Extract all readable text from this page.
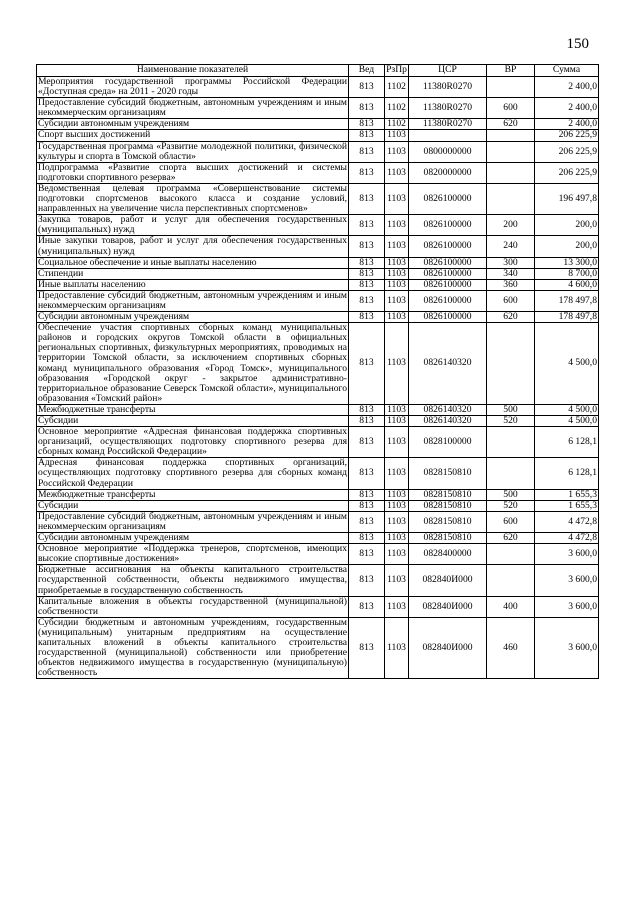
150
Наименование показателей	Вед	РзПр	ЦСР	ВР	Сумма
Мероприятия государственной программы Российской Федерации «Доступная среда» на 2011 - 2020 годы	813	1102	11380R0270		2 400,0
Предоставление субсидий бюджетным, автономным учреждениям и иным некоммерческим организациям	813	1102	11380R0270	600	2 400,0
Субсидии автономным учреждениям	813	1102	11380R0270	620	2 400,0
Спорт высших достижений	813	1103			206 225,9
Государственная программа «Развитие молодежной политики, физической культуры и спорта в Томской области»	813	1103	0800000000		206 225,9
Подпрограмма «Развитие спорта высших достижений и системы подготовки спортивного резерва»	813	1103	0820000000		206 225,9
Ведомственная целевая программа «Совершенствование системы подготовки спортсменов высокого класса и создание условий, направленных на увеличение числа перспективных спортсменов»	813	1103	0826100000		196 497,8
Закупка товаров, работ и услуг для обеспечения государственных (муниципальных) нужд	813	1103	0826100000	200	200,0
Иные закупки товаров, работ и услуг для обеспечения государственных (муниципальных) нужд	813	1103	0826100000	240	200,0
Социальное обеспечение и иные выплаты населению	813	1103	0826100000	300	13 300,0
Стипендии	813	1103	0826100000	340	8 700,0
Иные выплаты населению	813	1103	0826100000	360	4 600,0
Предоставление субсидий бюджетным, автономным учреждениям и иным некоммерческим организациям	813	1103	0826100000	600	178 497,8
Субсидии автономным учреждениям	813	1103	0826100000	620	178 497,8
Обеспечение участия спортивных сборных команд муниципальных районов и городских округов Томской области в официальных региональных спортивных, физкультурных мероприятиях, проводимых на территории Томской области, за исключением спортивных сборных команд муниципального образования «Город Томск», муниципального образования «Городской округ - закрытое административно-территориальное образование Северск Томской области», муниципального образования «Томский район»	813	1103	0826140320		4 500,0
Межбюджетные трансферты	813	1103	0826140320	500	4 500,0
Субсидии	813	1103	0826140320	520	4 500,0
Основное мероприятие «Адресная финансовая поддержка спортивных организаций, осуществляющих подготовку спортивного резерва для сборных команд Российской Федерации»	813	1103	0828100000		6 128,1
Адресная финансовая поддержка спортивных организаций, осуществляющих подготовку спортивного резерва для сборных команд Российской Федерации	813	1103	0828150810		6 128,1
Межбюджетные трансферты	813	1103	0828150810	500	1 655,3
Субсидии	813	1103	0828150810	520	1 655,3
Предоставление субсидий бюджетным, автономным учреждениям и иным некоммерческим организациям	813	1103	0828150810	600	4 472,8
Субсидии автономным учреждениям	813	1103	0828150810	620	4 472,8
Основное мероприятие «Поддержка тренеров, спортсменов, имеющих высокие спортивные достижения»	813	1103	0828400000		3 600,0
Бюджетные ассигнования на объекты капитального строительства государственной собственности, объекты недвижимого имущества, приобретаемые в государственную собственность	813	1103	082840И000		3 600,0
Капитальные вложения в объекты государственной (муниципальной) собственности	813	1103	082840И000	400	3 600,0
Субсидии бюджетным и автономным учреждениям, государственным (муниципальным) унитарным предприятиям на осуществление капитальных вложений в объекты капитального строительства государственной (муниципальной) собственности или приобретение объектов недвижимого имущества в государственную (муниципальную) собственность	813	1103	082840И000	460	3 600,0
